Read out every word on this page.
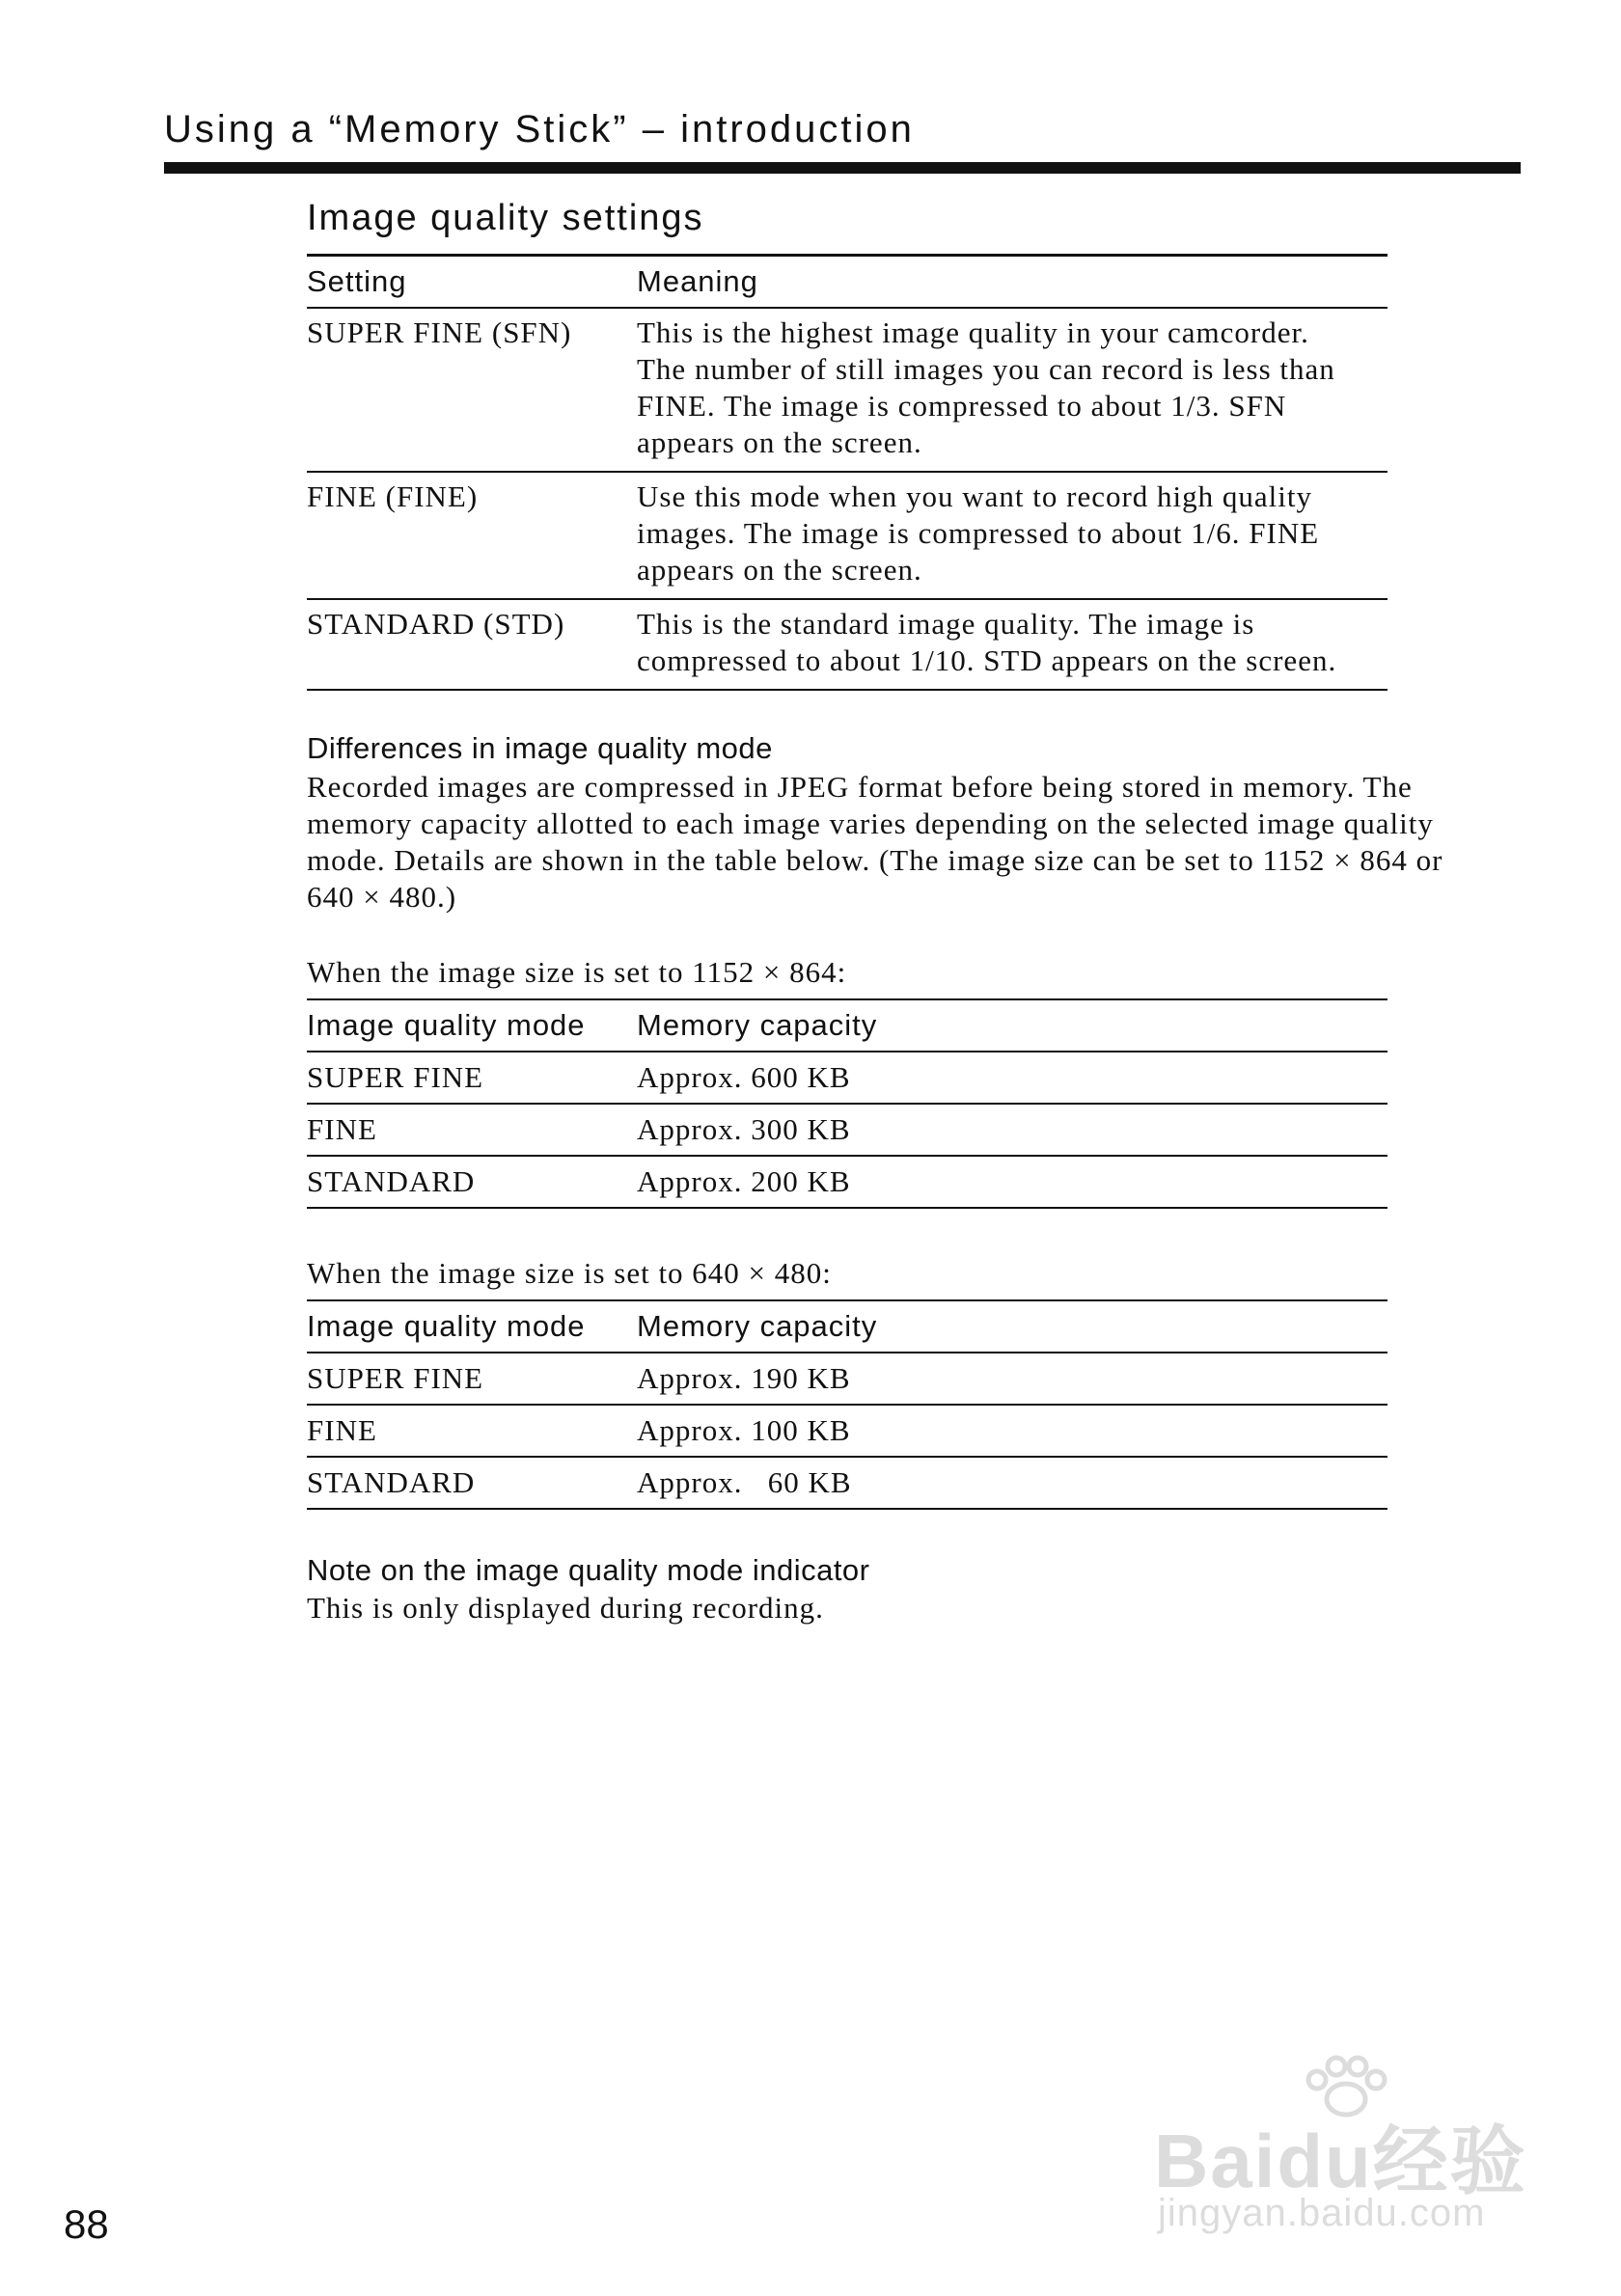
Using a “Memory Stick” – introduction
Image quality settings
Setting	Meaning
SUPER FINE (SFN)	This is the highest image quality in your camcorder.
The number of still images you can record is less than
FINE. The image is compressed to about 1/3. SFN
appears on the screen.

FINE (FINE)	Use this mode when you want to record high quality
images. The image is compressed to about 1/6. FINE
appears on the screen.

STANDARD (STD)	This is the standard image quality. The image is
compressed to about 1/10. STD appears on the screen.
Differences in image quality mode
Recorded images are compressed in JPEG format before being stored in memory. The
memory capacity allotted to each image varies depending on the selected image quality
mode. Details are shown in the table below. (The image size can be set to 1152 × 864 or
640 × 480.)
When the image size is set to 1152 × 864:
Image quality mode	Memory capacity
SUPER FINE	Approx. 600 KB
FINE	Approx. 300 KB
STANDARD	Approx. 200 KB
When the image size is set to 640 × 480:
Image quality mode	Memory capacity
SUPER FINE	Approx. 190 KB
FINE	Approx. 100 KB
STANDARD	Approx.   60 KB
Note on the image quality mode indicator
This is only displayed during recording.
88
Baidu经验
jingyan.baidu.com
